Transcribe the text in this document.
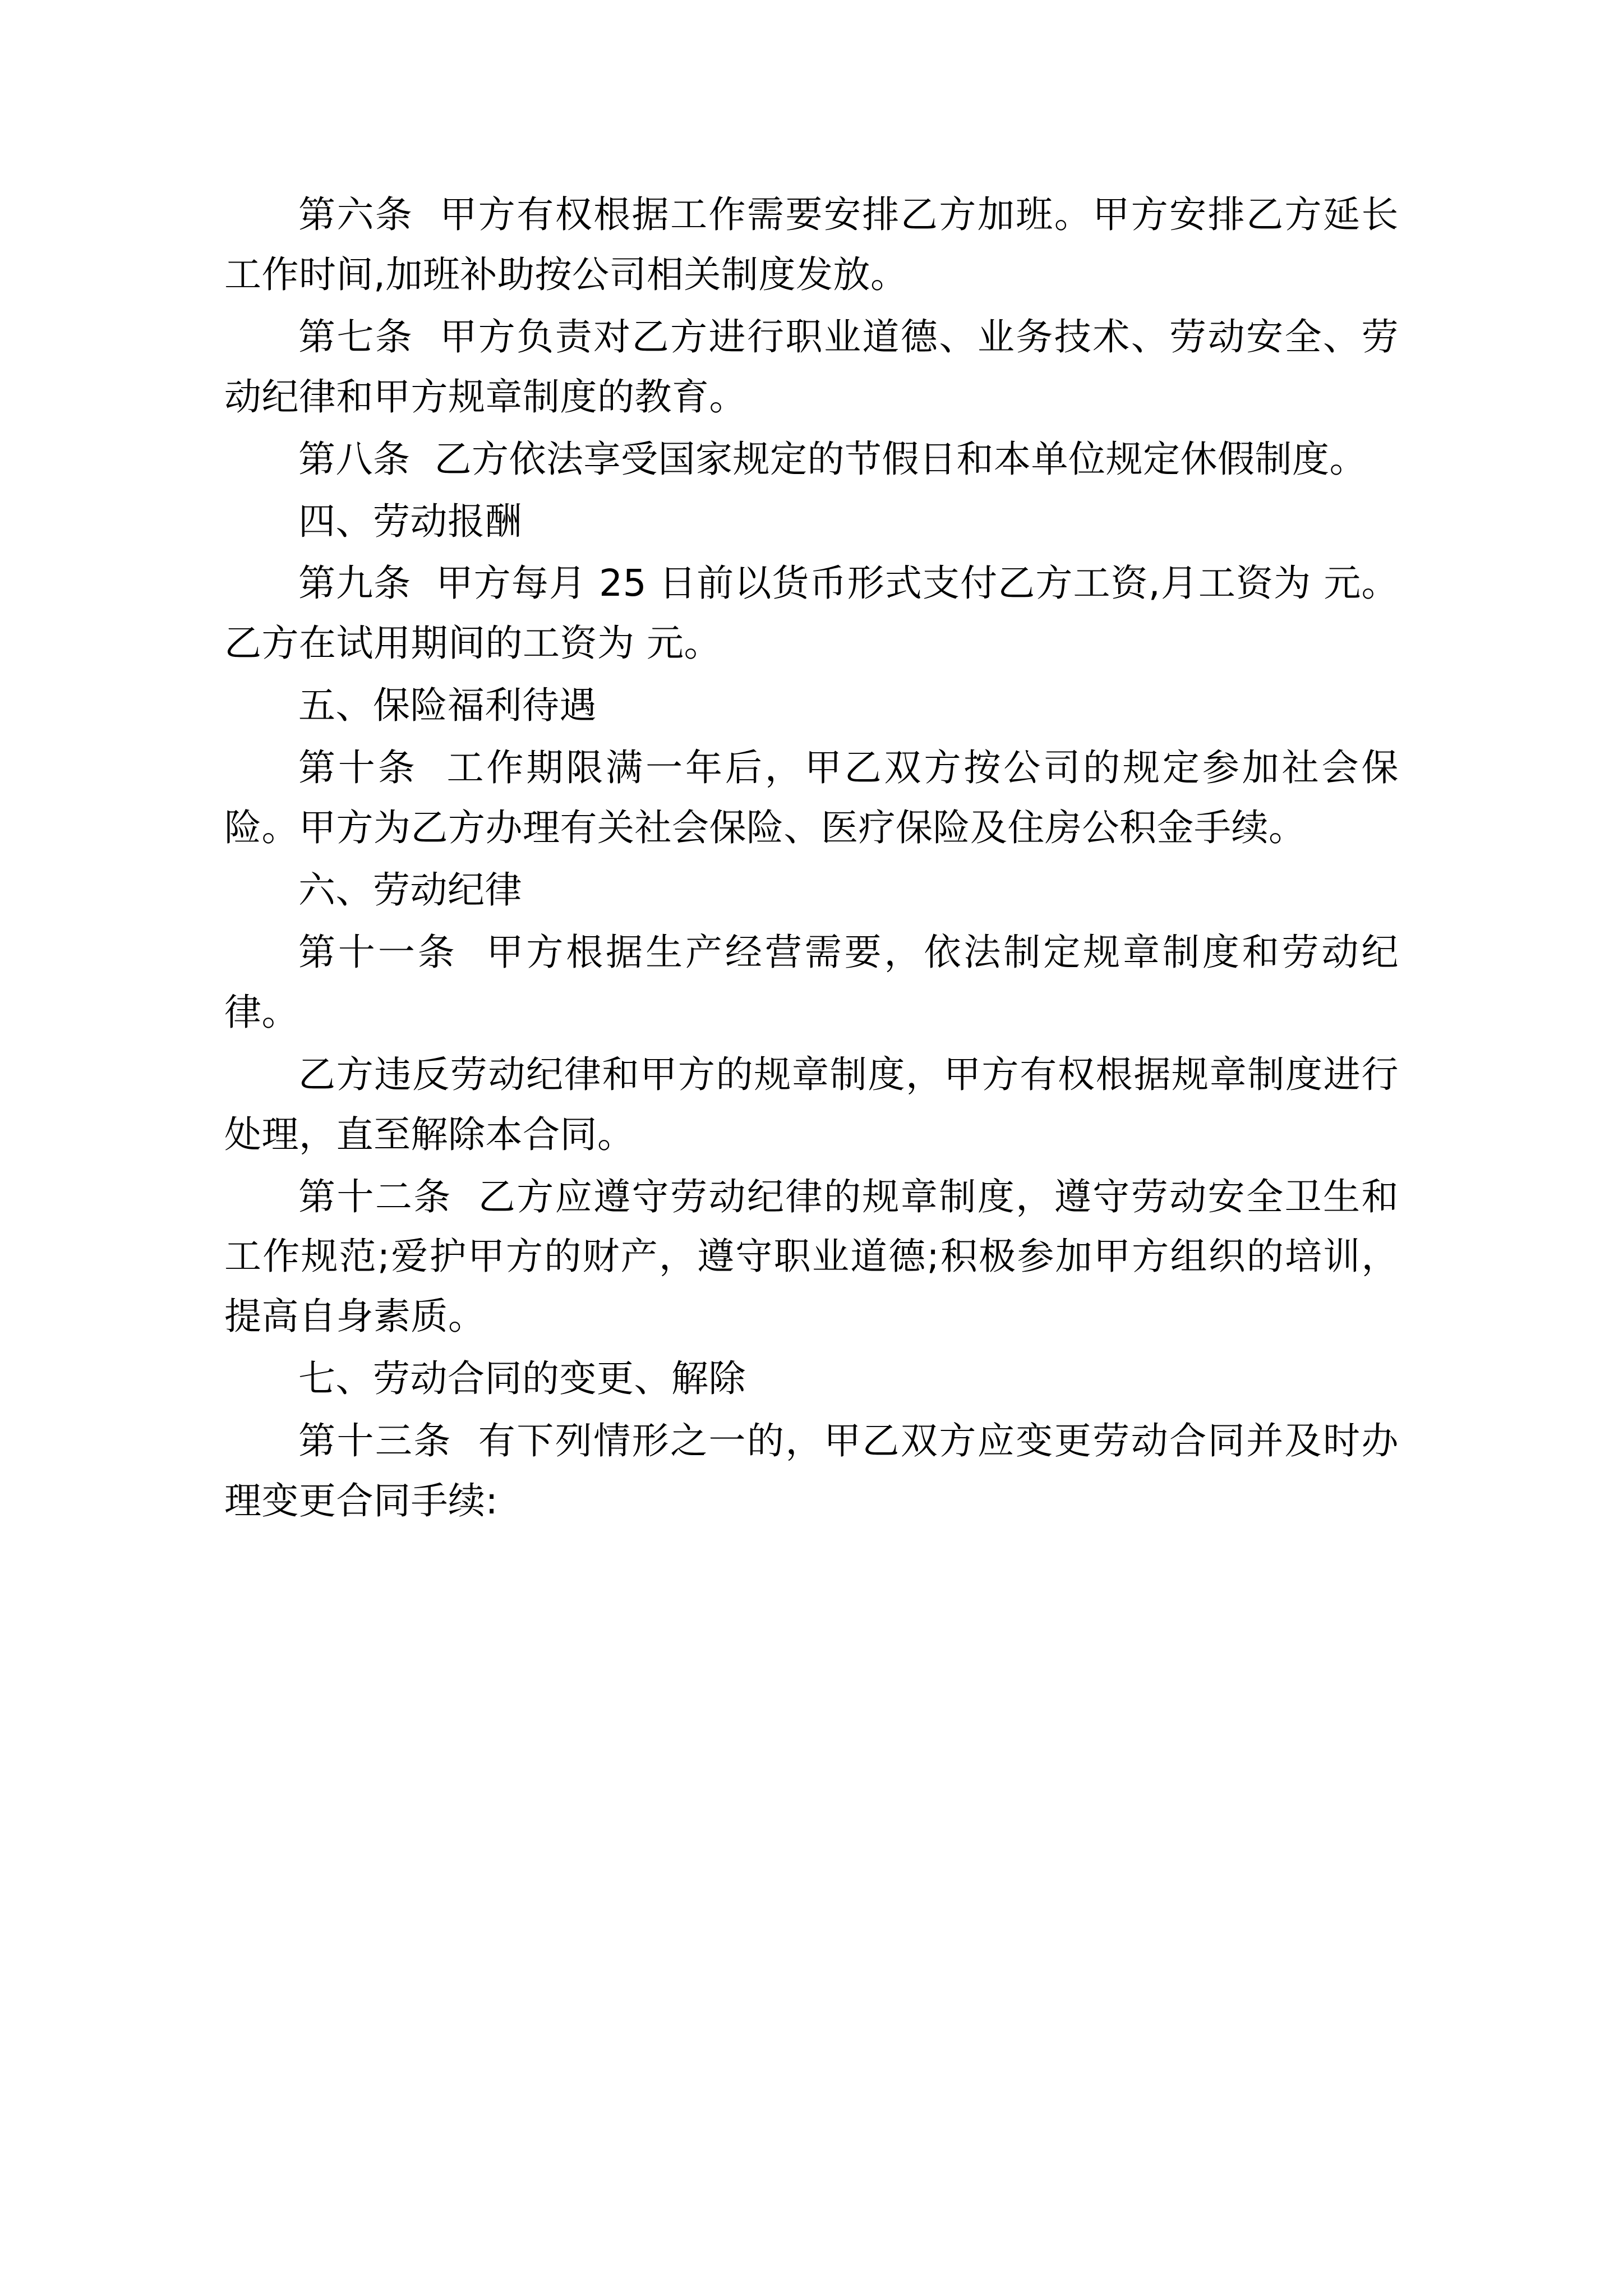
第六条  甲方有权根据工作需要安排乙方加班。甲方安排乙方延长工作时间,加班补助按公司相关制度发放。

第七条  甲方负责对乙方进行职业道德、业务技术、劳动安全、劳动纪律和甲方规章制度的教育。

第八条  乙方依法享受国家规定的节假日和本单位规定休假制度。

四、劳动报酬

第九条  甲方每月 25 日前以货币形式支付乙方工资,月工资为 元。 乙方在试用期间的工资为 元。

五、保险福利待遇

第十条  工作期限满一年后，甲乙双方按公司的规定参加社会保险。甲方为乙方办理有关社会保险、医疗保险及住房公积金手续。

六、劳动纪律

第十一条  甲方根据生产经营需要，依法制定规章制度和劳动纪律。

乙方违反劳动纪律和甲方的规章制度，甲方有权根据规章制度进行处理，直至解除本合同。

第十二条  乙方应遵守劳动纪律的规章制度，遵守劳动安全卫生和工作规范;爱护甲方的财产，遵守职业道德;积极参加甲方组织的培训，提高自身素质。

七、劳动合同的变更、解除

第十三条  有下列情形之一的，甲乙双方应变更劳动合同并及时办理变更合同手续:
